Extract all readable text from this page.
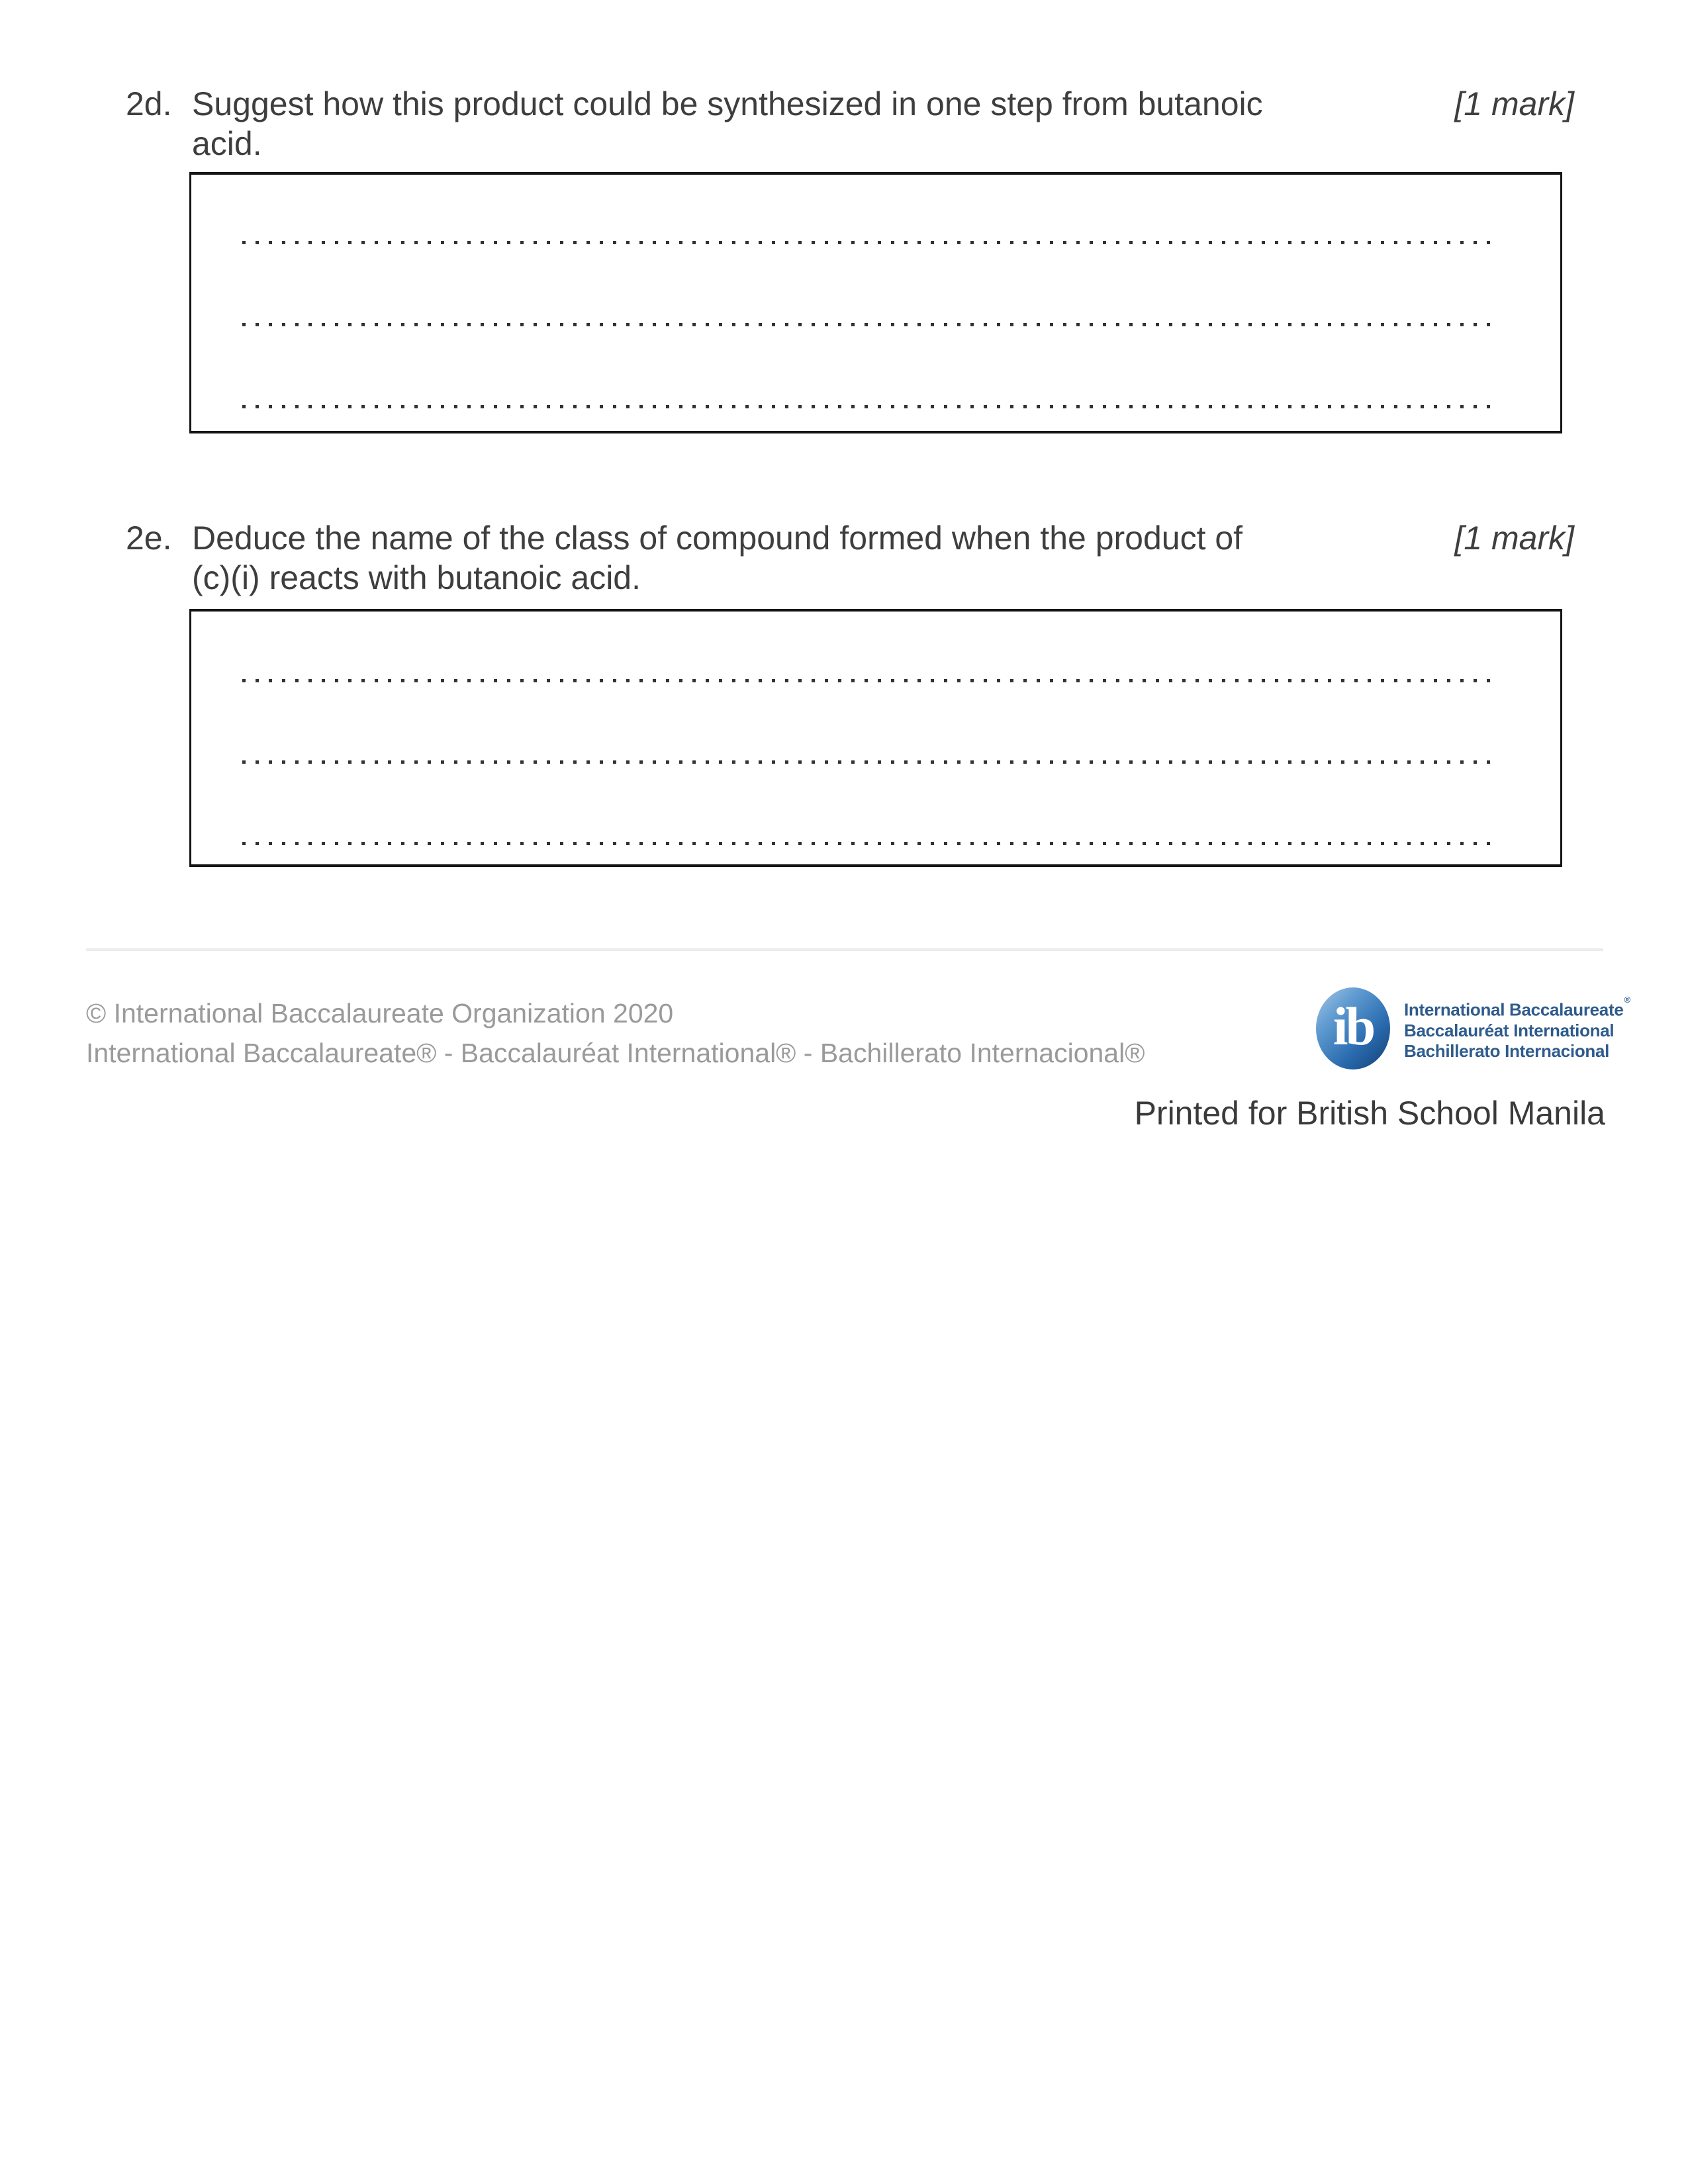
2d. Suggest how this product could be synthesized in one step from butanoic
acid.
[1 mark]
2e. Deduce the name of the class of compound formed when the product of
(c)(i) reacts with butanoic acid.
[1 mark]
© International Baccalaureate Organization 2020
International Baccalaureate® - Baccalauréat International® - Bachillerato Internacional®	ib International Baccalaureate®
Baccalauréat International
Bachillerato Internacional
Printed for British School Manila
